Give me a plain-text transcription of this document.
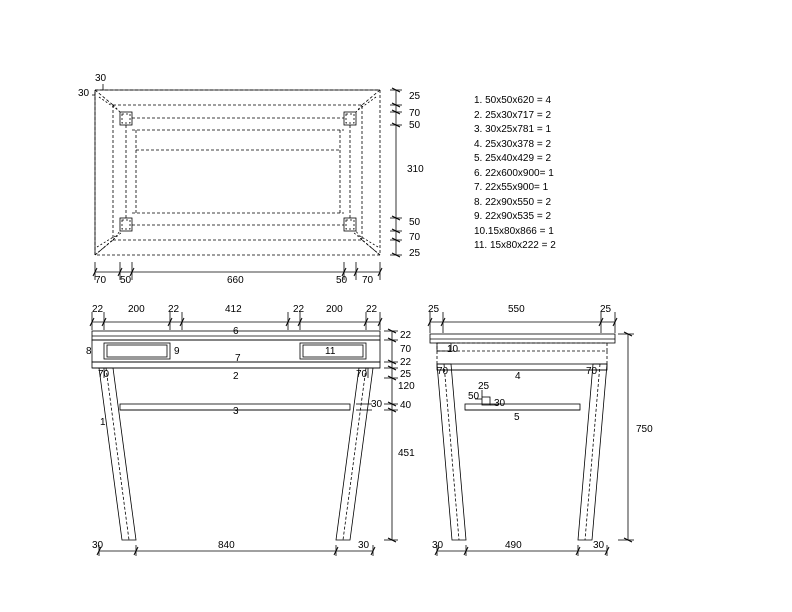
1. 50x50x620 = 4
2. 25x30x717 = 2
3. 30x25x781 = 1
4. 25x30x378 = 2
5. 25x40x429 = 2
6. 22x600x900= 1
7. 22x55x900= 1
8. 22x90x550 = 2
9. 22x90x535 = 2
10.15x80x866 = 1
11. 15x80x222 = 2
30
30	25
70
50
310
50
70
25
70 50	660	50 70
22 200 22	412	22 200 22
6
8	9
7
11
2
3
1
70	70
22
70
22
25
120
30 40
451
30	840	30
25	550	25
10
4
5
25
50
30
70	70
750
30	490	30
